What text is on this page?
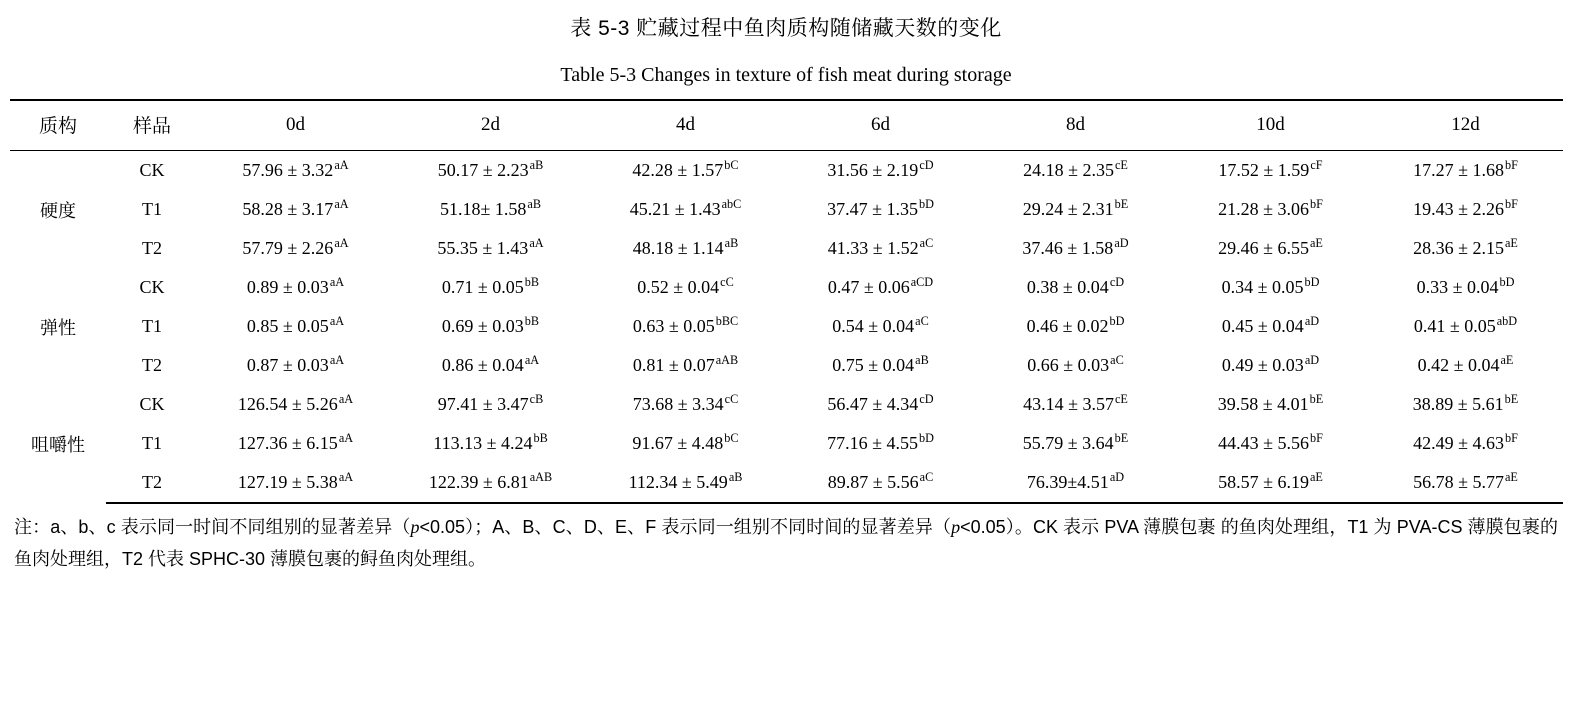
表 5-3 贮藏过程中鱼肉质构随储藏天数的变化
Table 5-3 Changes in texture of fish meat during storage
质构	样品	0d	2d	4d	6d	8d	10d	12d
硬度	CK	$57.96 \pm 3.32^{aA}$	$50.17 \pm 2.23^{aB}$	$42.28 \pm 1.57^{bC}$	$31.56 \pm 2.19^{cD}$	$24.18 \pm 2.35^{cE}$	$17.52 \pm 1.59^{cF}$	$17.27 \pm 1.68^{bF}$
	T1	$58.28 \pm 3.17^{aA}$	$51.18\pm 1.58^{aB}$	$45.21 \pm 1.43^{abC}$	$37.47 \pm 1.35^{bD}$	$29.24 \pm 2.31^{bE}$	$21.28 \pm 3.06^{bF}$	$19.43 \pm 2.26^{bF}$
	T2	$57.79 \pm 2.26^{aA}$	$55.35 \pm 1.43^{aA}$	$48.18 \pm 1.14^{aB}$	$41.33 \pm 1.52^{aC}$	$37.46 \pm 1.58^{aD}$	$29.46 \pm 6.55^{aE}$	$28.36 \pm 2.15^{aE}$
弹性	CK	$0.89 \pm 0.03^{aA}$	$0.71 \pm 0.05^{bB}$	$0.52 \pm 0.04^{cC}$	$0.47 \pm 0.06^{aCD}$	$0.38 \pm 0.04^{cD}$	$0.34 \pm 0.05^{bD}$	$0.33 \pm 0.04^{bD}$
	T1	$0.85 \pm 0.05^{aA}$	$0.69 \pm 0.03^{bB}$	$0.63 \pm 0.05^{bBC}$	$0.54 \pm 0.04^{aC}$	$0.46 \pm 0.02^{bD}$	$0.45 \pm 0.04^{aD}$	$0.41 \pm 0.05^{abD}$
	T2	$0.87 \pm 0.03^{aA}$	$0.86 \pm 0.04^{aA}$	$0.81 \pm 0.07^{aAB}$	$0.75 \pm 0.04^{aB}$	$0.66 \pm 0.03^{aC}$	$0.49 \pm 0.03^{aD}$	$0.42 \pm 0.04^{aE}$
咀嚼性	CK	$126.54 \pm 5.26^{aA}$	$97.41 \pm 3.47^{cB}$	$73.68 \pm 3.34^{cC}$	$56.47 \pm 4.34^{cD}$	$43.14 \pm 3.57^{cE}$	$39.58 \pm 4.01^{bE}$	$38.89 \pm 5.61^{bE}$
	T1	$127.36 \pm 6.15^{aA}$	$113.13 \pm 4.24^{bB}$	$91.67 \pm 4.48^{bC}$	$77.16 \pm 4.55^{bD}$	$55.79 \pm 3.64^{bE}$	$44.43 \pm 5.56^{bF}$	$42.49 \pm 4.63^{bF}$
	T2	$127.19 \pm 5.38^{aA}$	$122.39 \pm 6.81^{aAB}$	$112.34 \pm 5.49^{aB}$	$89.87 \pm 5.56^{aC}$	$76.39\pm 4.51^{aD}$	$58.57 \pm 6.19^{aE}$	$56.78 \pm 5.77^{aE}$
注：a、b、c 表示同一时间不同组别的显著差异（p<0.05）；A、B、C、D、E、F 表示同一组别不同时间的显著差异（p<0.05）。CK 表示 PVA 薄膜包裹 的鱼肉处理组，T1 为 PVA-CS 薄膜包裹的鱼肉处理组，T2 代表 SPHC-30 薄膜包裹的鲟鱼肉处理组。
